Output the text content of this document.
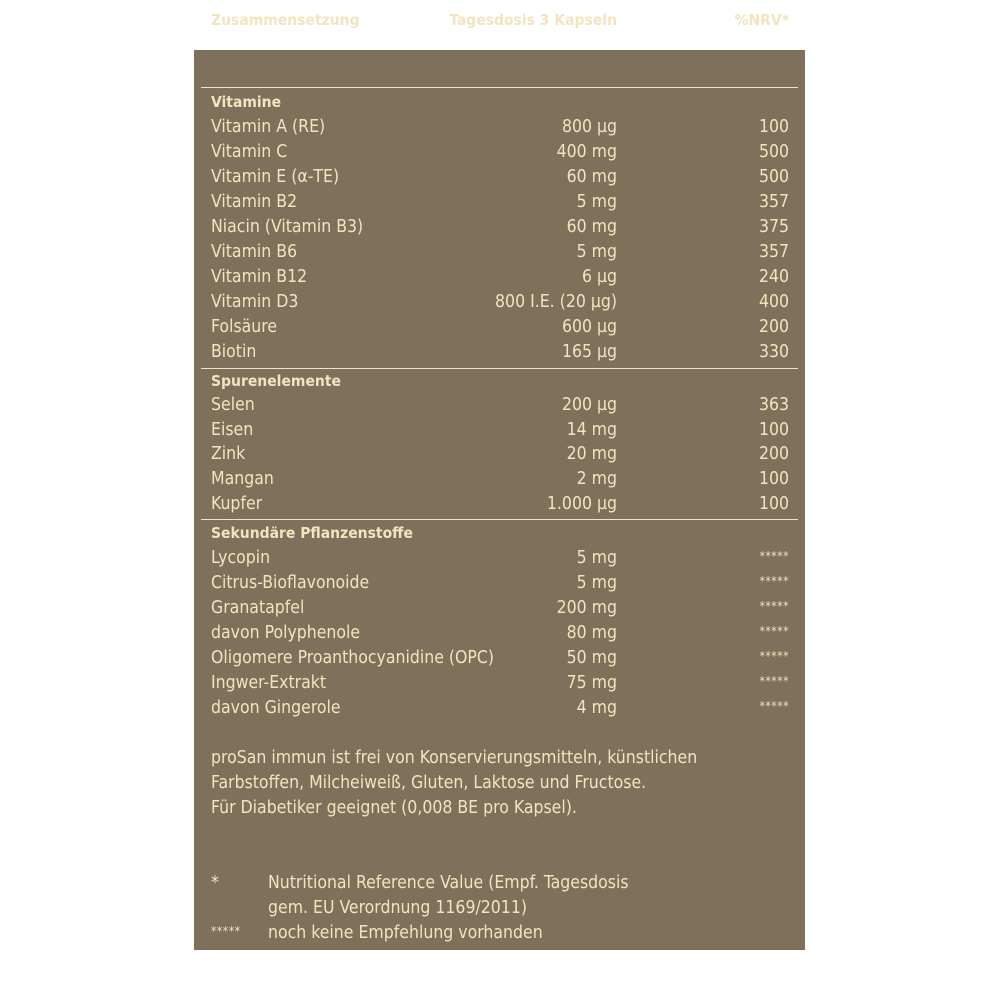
Zusammensetzung	Tagesdosis 3 Kapseln	%NRV*
Vitamine
Vitamin A (RE)	800 µg	100
Vitamin C	400 mg	500
Vitamin E (α-TE)	60 mg	500
Vitamin B2	5 mg	357
Niacin (Vitamin B3)	60 mg	375
Vitamin B6	5 mg	357
Vitamin B12	6 µg	240
Vitamin D3	800 I.E. (20 µg)	400
Folsäure	600 µg	200
Biotin	165 µg	330
Spurenelemente
Selen	200 µg	363
Eisen	14 mg	100
Zink	20 mg	200
Mangan	2 mg	100
Kupfer	1.000 µg	100
Sekundäre Pflanzenstoffe
Lycopin	5 mg	*****
Citrus-Bioflavonoide	5 mg	*****
Granatapfel	200 mg	*****
davon Polyphenole	80 mg	*****
Oligomere Proanthocyanidine (OPC)	50 mg	*****
Ingwer-Extrakt	75 mg	*****
davon Gingerole	4 mg	*****
proSan immun ist frei von Konservierungsmitteln, künstlichen
Farbstoffen, Milcheiweiß, Gluten, Laktose und Fructose.
Für Diabetiker geeignet (0,008 BE pro Kapsel).
*	Nutritional Reference Value (Empf. Tagesdosis
gem. EU Verordnung 1169/2011)
***** noch keine Empfehlung vorhanden
